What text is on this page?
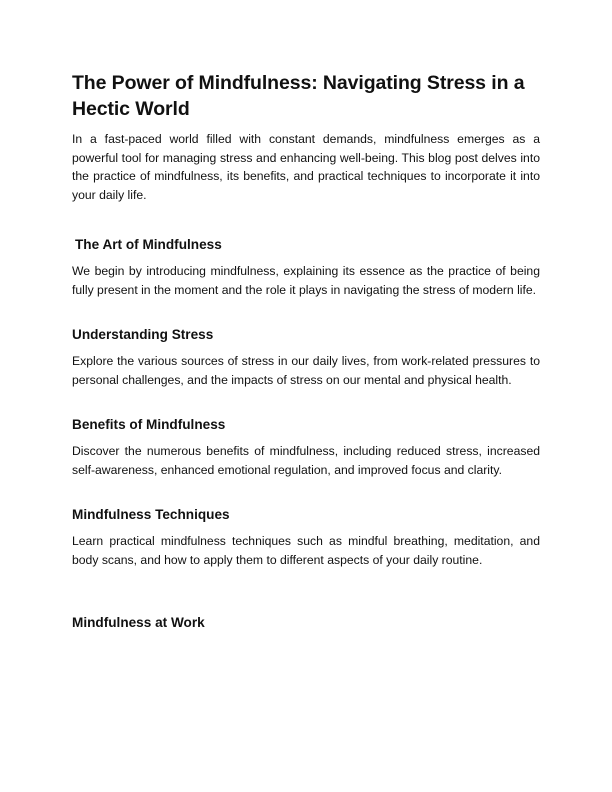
The Power of Mindfulness: Navigating Stress in a Hectic World

In a fast-paced world filled with constant demands, mindfulness emerges as a powerful tool for managing stress and enhancing well-being. This blog post delves into the practice of mindfulness, its benefits, and practical techniques to incorporate it into your daily life.

The Art of Mindfulness

We begin by introducing mindfulness, explaining its essence as the practice of being fully present in the moment and the role it plays in navigating the stress of modern life.

Understanding Stress

Explore the various sources of stress in our daily lives, from work-related pressures to personal challenges, and the impacts of stress on our mental and physical health.

Benefits of Mindfulness

Discover the numerous benefits of mindfulness, including reduced stress, increased self-awareness, enhanced emotional regulation, and improved focus and clarity.

Mindfulness Techniques

Learn practical mindfulness techniques such as mindful breathing, meditation, and body scans, and how to apply them to different aspects of your daily routine.

Mindfulness at Work
